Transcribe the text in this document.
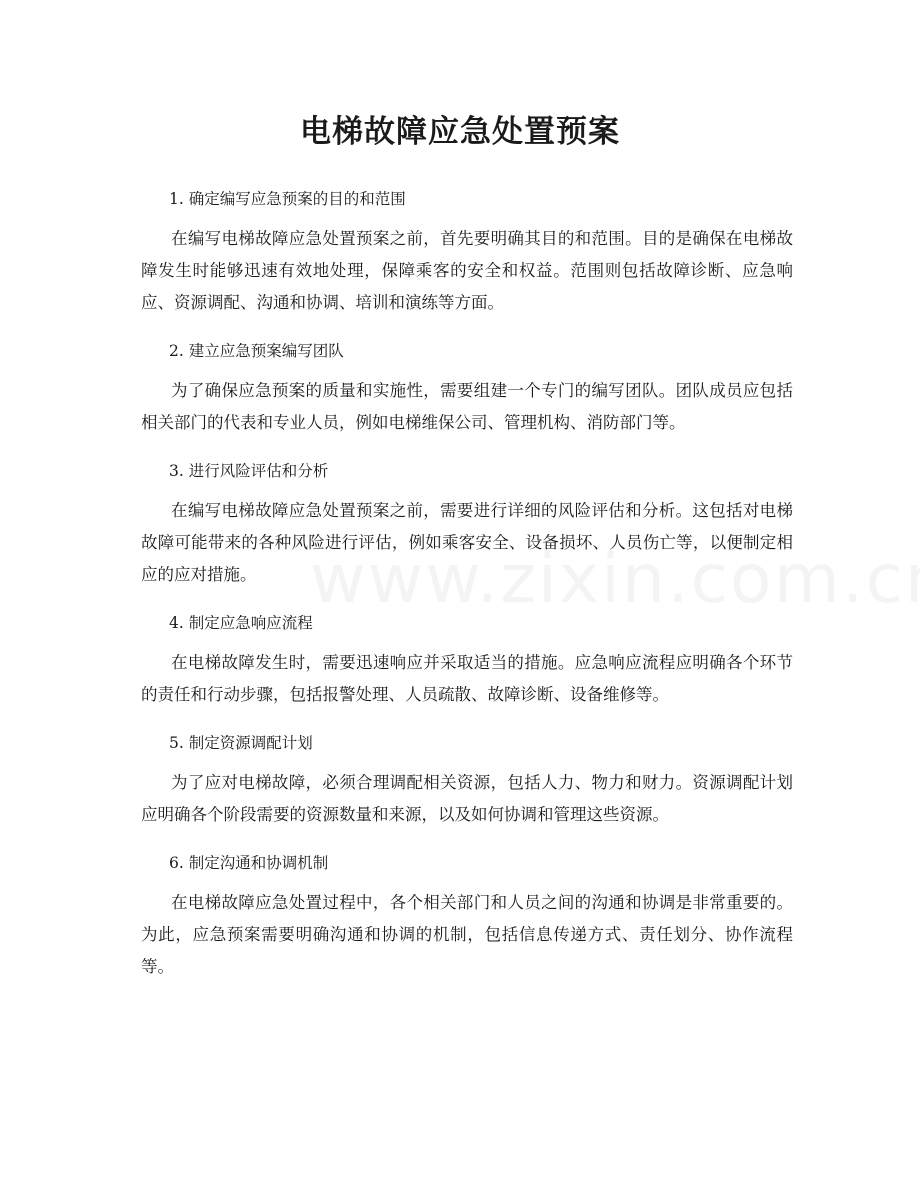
电梯故障应急处置预案
1. 确定编写应急预案的目的和范围

在编写电梯故障应急处置预案之前，首先要明确其目的和范围。目的是确保在电梯故障发生时能够迅速有效地处理，保障乘客的安全和权益。范围则包括故障诊断、应急响应、资源调配、沟通和协调、培训和演练等方面。

2. 建立应急预案编写团队

为了确保应急预案的质量和实施性，需要组建一个专门的编写团队。团队成员应包括相关部门的代表和专业人员，例如电梯维保公司、管理机构、消防部门等。

3. 进行风险评估和分析

在编写电梯故障应急处置预案之前，需要进行详细的风险评估和分析。这包括对电梯故障可能带来的各种风险进行评估，例如乘客安全、设备损坏、人员伤亡等，以便制定相应的应对措施。

4. 制定应急响应流程

在电梯故障发生时，需要迅速响应并采取适当的措施。应急响应流程应明确各个环节的责任和行动步骤，包括报警处理、人员疏散、故障诊断、设备维修等。

5. 制定资源调配计划

为了应对电梯故障，必须合理调配相关资源，包括人力、物力和财力。资源调配计划应明确各个阶段需要的资源数量和来源，以及如何协调和管理这些资源。

6. 制定沟通和协调机制

在电梯故障应急处置过程中，各个相关部门和人员之间的沟通和协调是非常重要的。为此，应急预案需要明确沟通和协调的机制，包括信息传递方式、责任划分、协作流程等。
